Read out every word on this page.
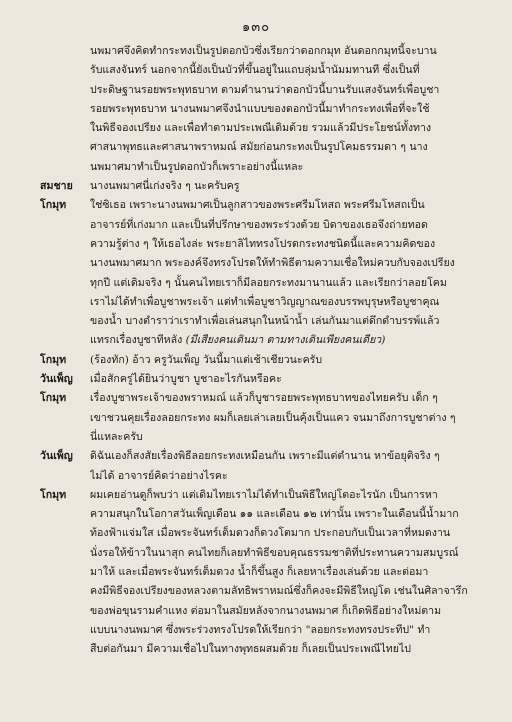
๑๓๐
นพมาศจึงคิดทำกระทงเป็นรูปดอกบัวซึ่งเรียกว่าดอกกมุท อันดอกกมุทนี้จะบาน
รับแสงจันทร์ นอกจากนี้ยังเป็นบัวที่ขึ้นอยู่ในแถบลุ่มน้ำนัมมทานที ซึ่งเป็นที่
ประดิษฐานรอยพระพุทธบาท ตามตำนานว่าดอกบัวนี้บานรับแสงจันทร์เพื่อบูชา
รอยพระพุทธบาท นางนพมาศจึงนำแบบของดอกบัวนี้มาทำกระทงเพื่อที่จะใช้
ในพิธีจองเปรียง และเพื่อทำตามประเพณีเดิมด้วย รวมแล้วมีประโยชน์ทั้งทาง
ศาสนาพุทธและศาสนาพราหมณ์ สมัยก่อนกระทงเป็นรูปโคมธรรมดา ๆ นาง
นพมาศมาทำเป็นรูปดอกบัวก็เพราะอย่างนี้แหละ
สมชาย	นางนพมาศนี่เก่งจริง ๆ นะครับครู
โกมุท	ใช่ซิเธอ เพราะนางนพมาศเป็นลูกสาวของพระศรีมโหสถ พระศรีมโหสถเป็น
อาจารย์ที่เก่งมาก และเป็นที่ปรึกษาของพระร่วงด้วย บิดาของเธอจึงถ่ายทอด
ความรู้ต่าง ๆ ให้เธอไงล่ะ พระยาลิไททรงโปรดกระทงชนิดนี้และความคิดของ
นางนพมาศมาก พระองค์จึงทรงโปรดให้ทำพิธีตามความเชื่อใหม่ควบกับจองเปรียง
ทุกปี แต่เดิมจริง ๆ นั้นคนไทยเราก็มีลอยกระทงมานานแล้ว และเรียกว่าลอยโคม
เราไม่ได้ทำเพื่อบูชาพระเจ้า แต่ทำเพื่อบูชาวิญญาณของบรรพบุรุษหรือบูชาคุณ
ของน้ำ บางตำราว่าเราทำเพื่อเล่นสนุกในหน้าน้ำ เล่นกันมาแต่ดึกดำบรรพ์แล้ว
แทรกเรื่องบูชาทีหลัง (มีเสียงคนเดินมา ตามทางเดินเพียงคนเดียว)
โกมุท	(ร้องทัก) อ้าว ครูวันเพ็ญ วันนี้มาแต่เช้าเชียวนะครับ
วันเพ็ญ	เมื่อสักครู่ได้ยินว่าบูชา บูชาอะไรกันหรือคะ
โกมุท	เรื่องบูชาพระเจ้าของพราหมณ์ แล้วก็บูชารอยพระพุทธบาทของไทยครับ เด็ก ๆ
เขาชวนคุยเรื่องลอยกระทง ผมก็เลยเล่าเลยเป็นคุ้งเป็นแคว จนมาถึงการบูชาต่าง ๆ
นี่แหละครับ
วันเพ็ญ	ดิฉันเองก็สงสัยเรื่องพิธีลอยกระทงเหมือนกัน เพราะมีแต่ตำนาน หาข้อยุติจริง ๆ
ไม่ได้ อาจารย์คิดว่าอย่างไรคะ
โกมุท	ผมเคยอ่านดูก็พบว่า แต่เดิมไทยเราไม่ได้ทำเป็นพิธีใหญ่โตอะไรนัก เป็นการหา
ความสนุกในโอกาสวันเพ็ญเดือน ๑๑ และเดือน ๑๒ เท่านั้น เพราะในเดือนนี้น้ำมาก
ท้องฟ้าแจ่มใส เมื่อพระจันทร์เต็มดวงก็ดวงโตมาก ประกอบกับเป็นเวลาที่หมดงาน
นั่งรอให้ข้าวในนาสุก คนไทยก็เลยทำพิธีขอบคุณธรรมชาติที่ประทานความสมบูรณ์
มาให้ และเมื่อพระจันทร์เต็มดวง น้ำก็ขึ้นสูง ก็เลยหาเรื่องเล่นด้วย และต่อมา
คงมีพิธีจองเปรียงของหลวงตามลัทธิพราหมณ์ซึ่งก็คงจะมีพิธีใหญ่โต เช่นในศิลาจารึก
ของพ่อขุนรามคำแหง ต่อมาในสมัยหลังจากนางนพมาศ ก็เกิดพิธีอย่างใหม่ตาม
แบบนางนพมาศ ซึ่งพระร่วงทรงโปรดให้เรียกว่า "ลอยกระทงทรงประทีป" ทำ
สืบต่อกันมา มีความเชื่อไปในทางพุทธผสมด้วย ก็เลยเป็นประเพณีไทยไป
